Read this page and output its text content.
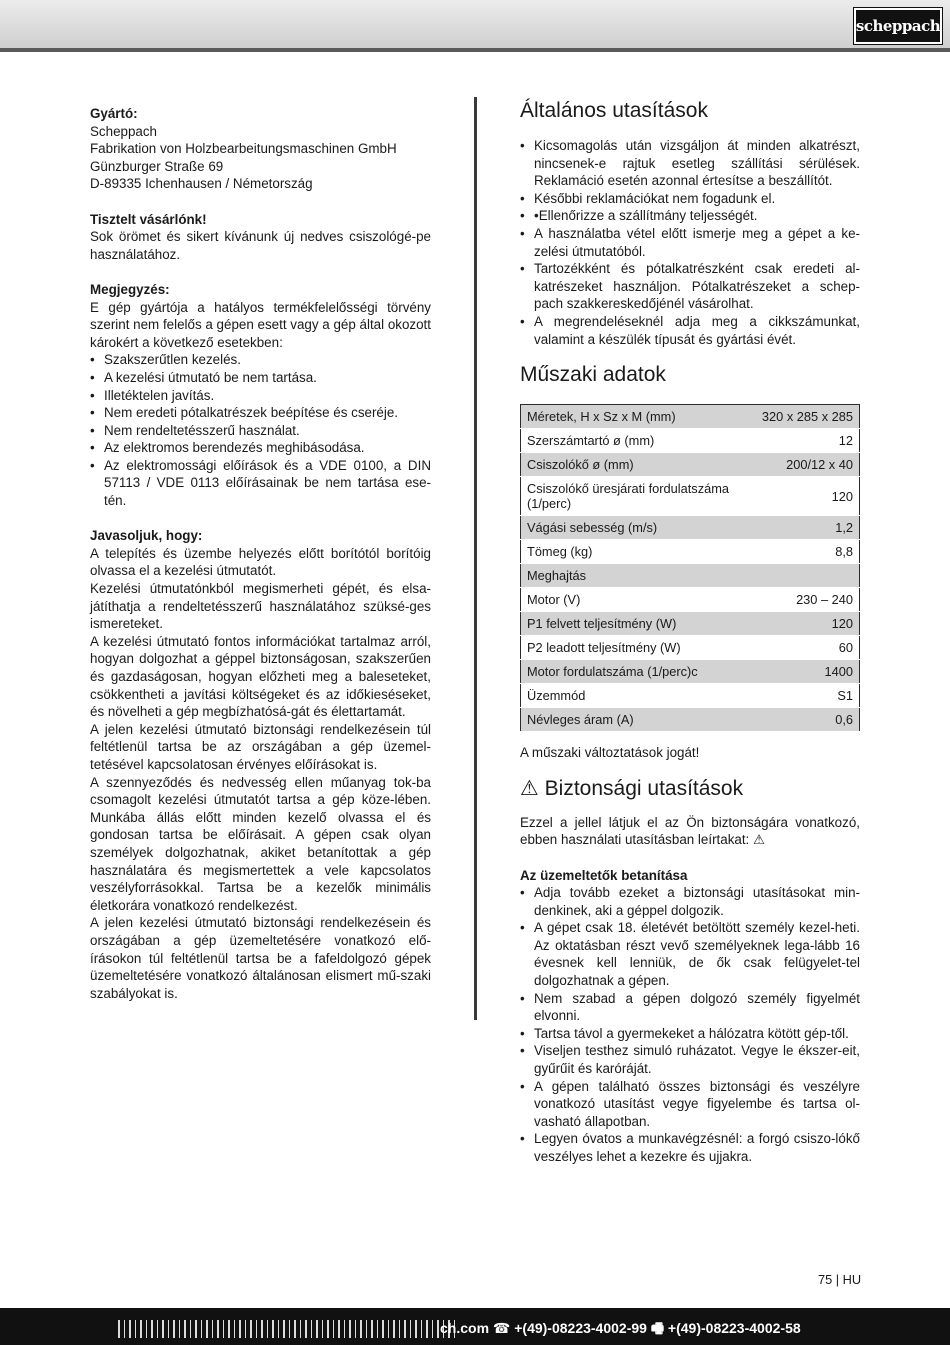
scheppach

Gyártó:

Scheppach

Fabrikation von Holzbearbeitungsmaschinen GmbH

Günzburger Straße 69

D-89335 Ichenhausen / Németország

Tisztelt vásárlónk!

Sok örömet és sikert kívánunk új nedves csiszológé-pe használatához.

Megjegyzés:

E gép gyártója a hatályos termékfelelősségi törvény szerint nem felelős a gépen esett vagy a gép által okozott károkért a következő esetekben:

• Szakszerűtlen kezelés.
• A kezelési útmutató be nem tartása.
• Illetéktelen javítás.
• Nem eredeti pótalkatrészek beépítése és cseréje.
• Nem rendeltetésszerű használat.
• Az elektromos berendezés meghibásodása.
• Az elektromossági előírások és a VDE 0100, a DIN 57113 / VDE 0113 előírásainak be nem tartása ese-tén.

Javasoljuk, hogy:

A telepítés és üzembe helyezés előtt borítótól borítóig olvassa el a kezelési útmutatót.

Kezelési útmutatónkból megismerheti gépét, és elsa-játíthatja a rendeltetésszerű használatához szüksé-ges ismereteket.

A kezelési útmutató fontos információkat tartalmaz arról, hogyan dolgozhat a géppel biztonságosan, szakszerűen és gazdaságosan, hogyan előzheti meg a baleseteket, csökkentheti a javítási költségeket és az időkieséseket, és növelheti a gép megbízhatósá-gát és élettartamát.

A jelen kezelési útmutató biztonsági rendelkezésein túl feltétlenül tartsa be az országában a gép üzemel-tetésével kapcsolatosan érvényes előírásokat is.

A szennyeződés és nedvesség ellen műanyag tok-ba csomagolt kezelési útmutatót tartsa a gép köze-lében. Munkába állás előtt minden kezelő olvassa el és gondosan tartsa be előírásait. A gépen csak olyan személyek dolgozhatnak, akiket betanítottak a gép használatára és megismertettek a vele kapcsolatos veszélyforrásokkal. Tartsa be a kezelők minimális életkorára vonatkozó rendelkezést.

A jelen kezelési útmutató biztonsági rendelkezésein és országában a gép üzemeltetésére vonatkozó elő-írásokon túl feltétlenül tartsa be a fafeldolgozó gépek üzemeltetésére vonatkozó általánosan elismert mű-szaki szabályokat is.

Általános utasítások
• Kicsomagolás után vizsgáljon át minden alkatrészt, nincsenek-e rajtuk esetleg szállítási sérülések. Reklamáció esetén azonnal értesítse a beszállítót.
• Későbbi reklamációkat nem fogadunk el.
• •Ellenőrizze a szállítmány teljességét.
• A használatba vétel előtt ismerje meg a gépet a ke-zelési útmutatóból.
• Tartozékként és pótalkatrészként csak eredeti al-katrészeket használjon. Pótalkatrészeket a schep-pach szakkereskedőjénél vásárolhat.
• A megrendeléseknél adja meg a cikkszámunkat, valamint a készülék típusát és gyártási évét.
Műszaki adatok
Méretek, H x Sz x M (mm)	320 x 285 x 285
Szerszámtartó ø (mm)	12
Csiszolókő ø (mm)	200/12 x 40
Csiszolókő üresjárati fordulatszáma (1/perc)	120
Vágási sebesség (m/s)	1,2
Tömeg (kg)	8,8
Meghajtás	
Motor (V)	230 – 240
P1 felvett teljesítmény (W)	120
P2 leadott teljesítmény (W)	60
Motor fordulatszáma (1/perc)c	1400
Üzemmód	S1
Névleges áram (A)	0,6

A műszaki változtatások jogát!

⚠ Biztonsági utasítások

Ezzel a jellel látjuk el az Ön biztonságára vonatkozó, ebben használati utasításban leírtakat: ⚠

Az üzemeltetők betanítása

• Adja tovább ezeket a biztonsági utasításokat min-denkinek, aki a géppel dolgozik.
• A gépet csak 18. életévét betöltött személy kezel-heti. Az oktatásban részt vevő személyeknek lega-lább 16 évesnek kell lenniük, de ők csak felügyelet-tel dolgozhatnak a gépen.
• Nem szabad a gépen dolgozó személy figyelmét elvonni.
• Tartsa távol a gyermekeket a hálózatra kötött gép-től.
• Viseljen testhez simuló ruházatot. Vegye le ékszer-eit, gyűrűit és karóráját.
• A gépen található összes biztonsági és veszélyre vonatkozó utasítást vegye figyelembe és tartsa ol-vasható állapotban.
• Legyen óvatos a munkavégzésnél: a forgó csiszo-lókő veszélyes lehet a kezekre és ujjakra.
75 | HU
ch.com ☎ +(49)-08223-4002-99 🖷 +(49)-08223-4002-58
